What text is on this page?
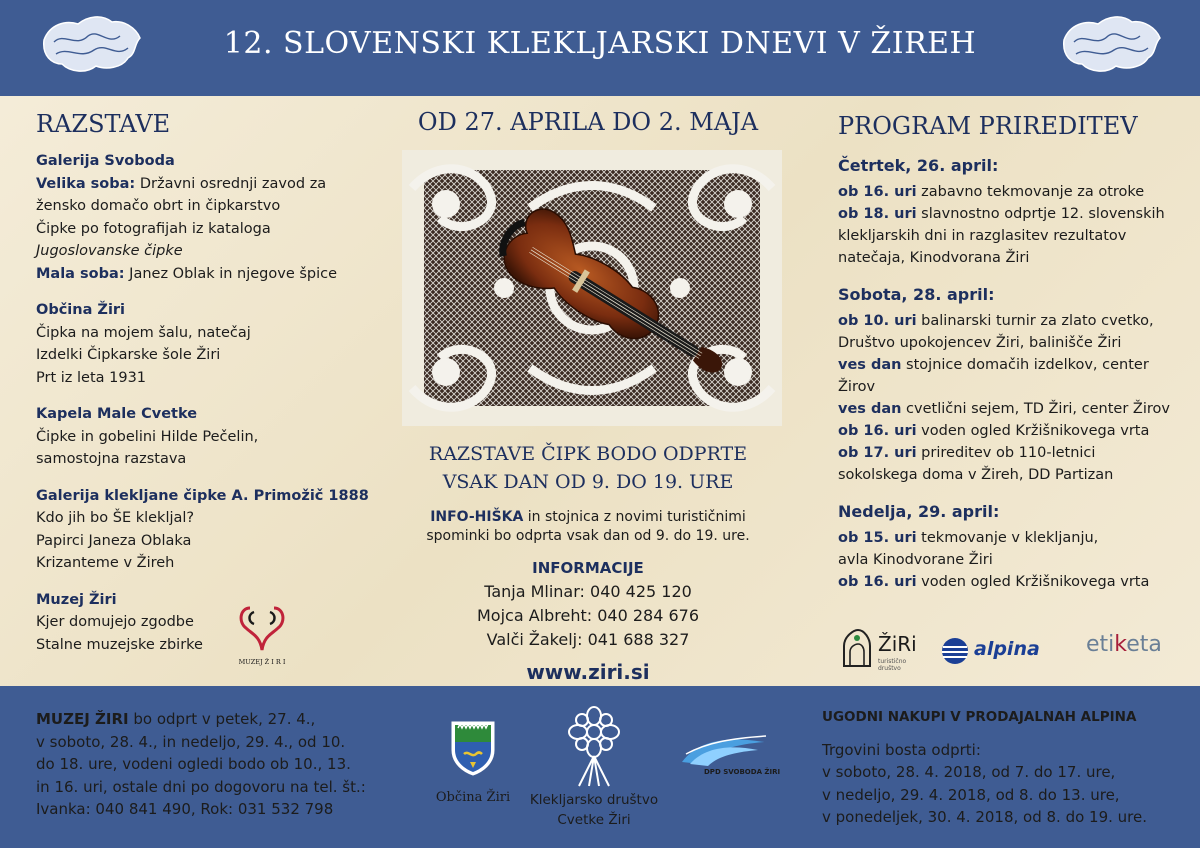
12. SLOVENSKI KLEKLJARSKI DNEVI V ŽIREH
RAZSTAVE
Galerija Svoboda
Velika soba: Državni osrednji zavod za
žensko domačo obrt in čipkarstvo
Čipke po fotografijah iz kataloga
Jugoslovanske čipke
Mala soba: Janez Oblak in njegove špice
Občina Žiri
Čipka na mojem šalu, natečaj
Izdelki Čipkarske šole Žiri
Prt iz leta 1931
Kapela Male Cvetke
Čipke in gobelini Hilde Pečelin,
samostojna razstava
Galerija klekljane čipke A. Primožič 1888
Kdo jih bo ŠE klekljal?
Papirci Janeza Oblaka
Krizanteme v Žireh
Muzej Žiri
Kjer domujejo zgodbe
Stalne muzejske zbirke
MUZEJ Ž I R I
OD 27. APRILA DO 2. MAJA
RAZSTAVE ČIPK BODO ODPRTE
VSAK DAN OD 9. DO 19. URE
INFO-HIŠKA in stojnica z novimi turističnimi
spominki bo odprta vsak dan od 9. do 19. ure.
INFORMACIJE
Tanja Mlinar: 040 425 120
Mojca Albreht: 040 284 676
Valči Žakelj: 041 688 327
www.ziri.si
PROGRAM PRIREDITEV
Četrtek, 26. april:
ob 16. uri zabavno tekmovanje za otroke
ob 18. uri slavnostno odprtje 12. slovenskih
klekljarskih dni in razglasitev rezultatov
natečaja, Kinodvorana Žiri
Sobota, 28. april:
ob 10. uri balinarski turnir za zlato cvetko,
Društvo upokojencev Žiri, balinišče Žiri
ves dan stojnice domačih izdelkov, center
Žirov
ves dan cvetlični sejem, TD Žiri, center Žirov
ob 16. uri voden ogled Kržišnikovega vrta
ob 17. uri prireditev ob 110-letnici
sokolskega doma v Žireh, DD Partizan
Nedelja, 29. april:
ob 15. uri tekmovanje v klekljanju,
avla Kinodvorane Žiri
ob 16. uri voden ogled Kržišnikovega vrta
ŽiRi
turistično društvo
alpina etiketa
MUZEJ ŽIRI bo odprt v petek, 27. 4.,
v soboto, 28. 4., in nedeljo, 29. 4., od 10.
do 18. ure, vodeni ogledi bodo ob 10., 13.
in 16. uri, ostale dni po dogovoru na tel. št.:
Ivanka: 040 841 490, Rok: 031 532 798
Občina Žiri	Klekljarsko društvo
Cvetke Žiri
DPD SVOBODA ŽIRI
UGODNI NAKUPI V PRODAJALNAH ALPINA
Trgovini bosta odprti:
v soboto, 28. 4. 2018, od 7. do 17. ure,
v nedeljo, 29. 4. 2018, od 8. do 13. ure,
v ponedeljek, 30. 4. 2018, od 8. do 19. ure.
